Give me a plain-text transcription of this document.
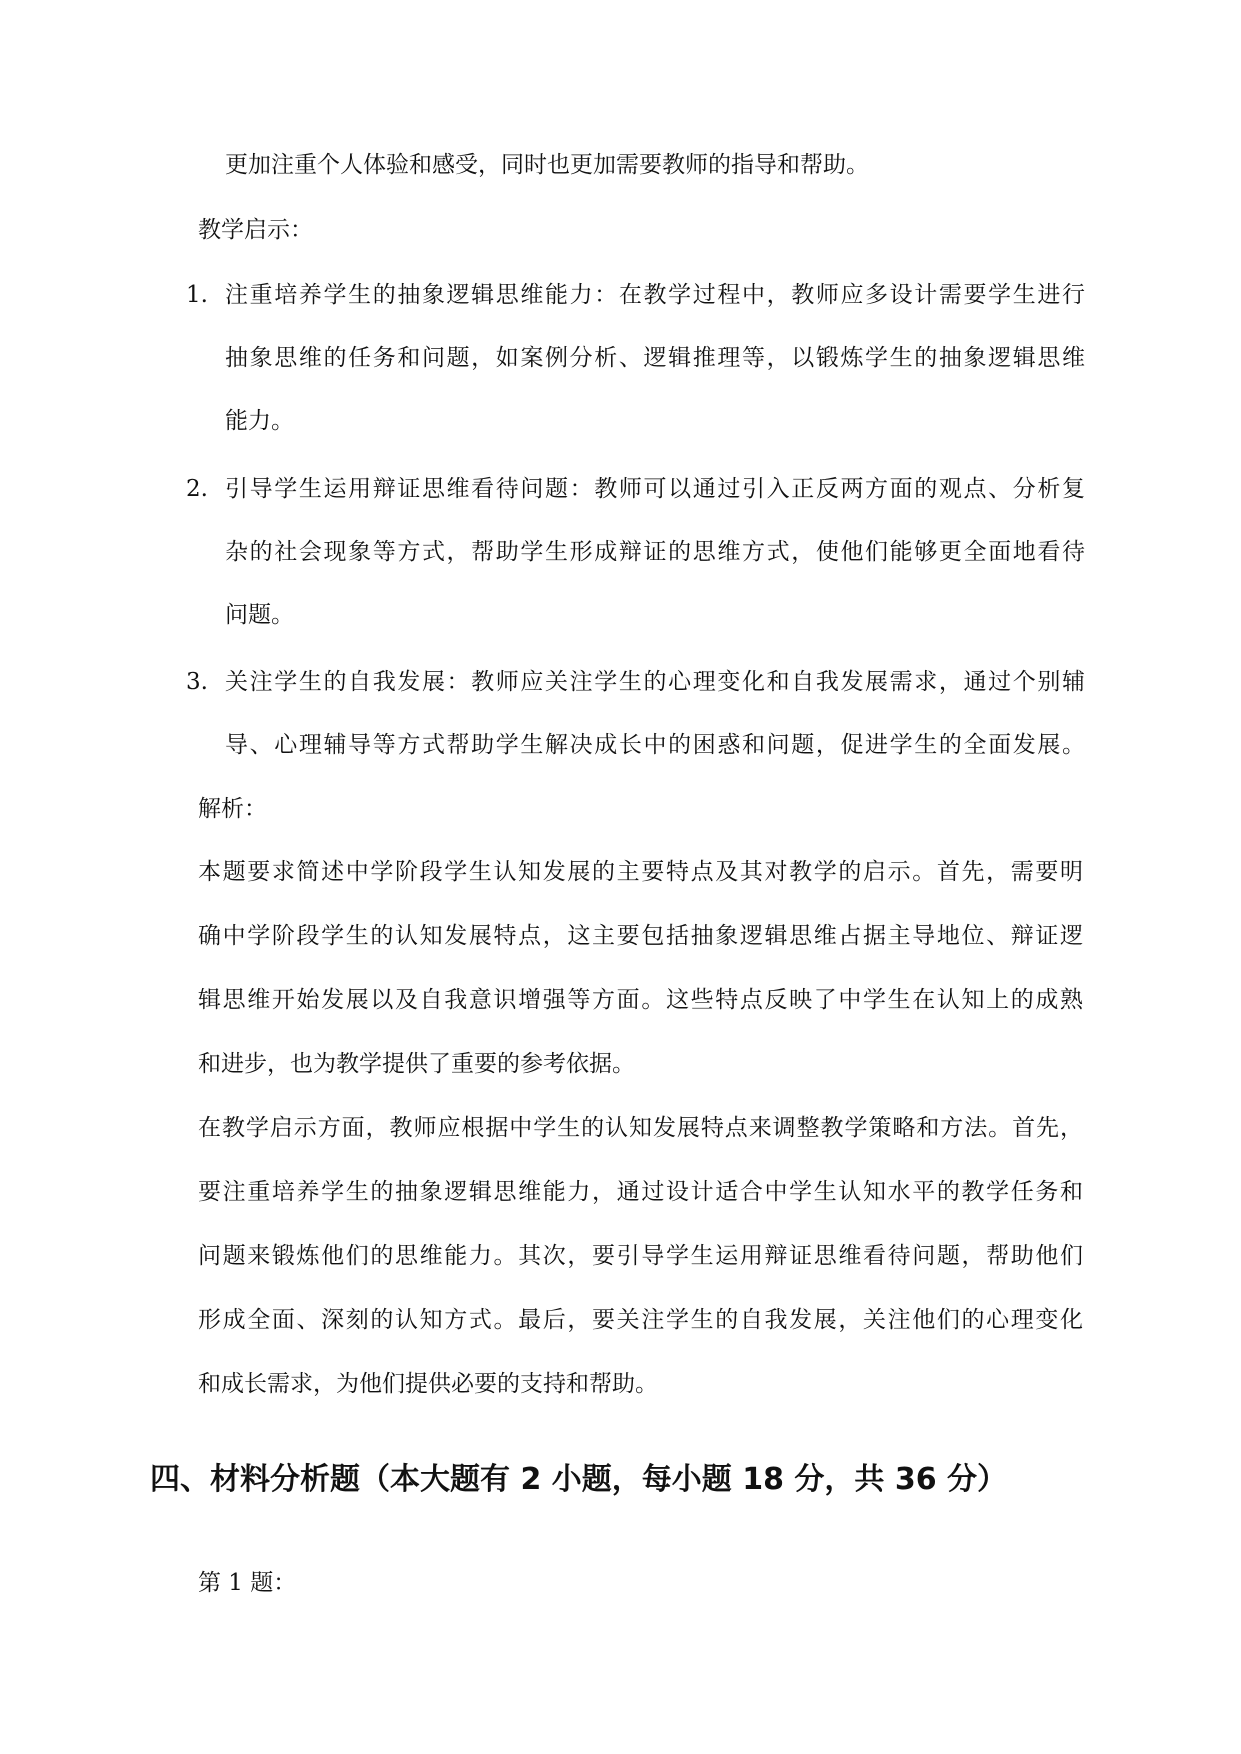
更加注重个人体验和感受，同时也更加需要教师的指导和帮助。
教学启示：
1. 注重培养学生的抽象逻辑思维能力：在教学过程中，教师应多设计需要学生进行
抽象思维的任务和问题，如案例分析、逻辑推理等，以锻炼学生的抽象逻辑思维
能力。
2. 引导学生运用辩证思维看待问题：教师可以通过引入正反两方面的观点、分析复
杂的社会现象等方式，帮助学生形成辩证的思维方式，使他们能够更全面地看待
问题。
3. 关注学生的自我发展：教师应关注学生的心理变化和自我发展需求，通过个别辅
导、心理辅导等方式帮助学生解决成长中的困惑和问题，促进学生的全面发展。
解析：
本题要求简述中学阶段学生认知发展的主要特点及其对教学的启示。首先，需要明
确中学阶段学生的认知发展特点，这主要包括抽象逻辑思维占据主导地位、辩证逻
辑思维开始发展以及自我意识增强等方面。这些特点反映了中学生在认知上的成熟
和进步，也为教学提供了重要的参考依据。
在教学启示方面，教师应根据中学生的认知发展特点来调整教学策略和方法。首先，
要注重培养学生的抽象逻辑思维能力，通过设计适合中学生认知水平的教学任务和
问题来锻炼他们的思维能力。其次，要引导学生运用辩证思维看待问题，帮助他们
形成全面、深刻的认知方式。最后，要关注学生的自我发展，关注他们的心理变化
和成长需求，为他们提供必要的支持和帮助。
四、材料分析题（本大题有 2 小题，每小题 18 分，共 36 分）
第 1 题：
